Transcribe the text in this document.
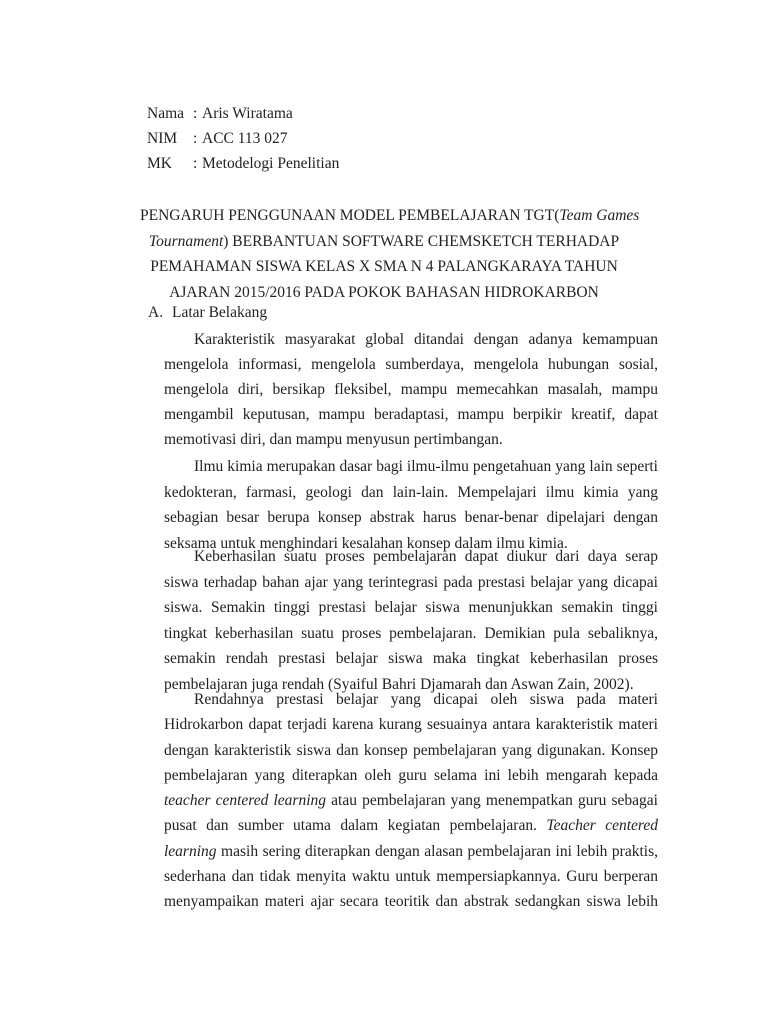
Nama : Aris Wiratama
NIM	: ACC 113 027
MK	: Metodelogi Penelitian

PENGARUH PENGGUNAAN MODEL PEMBELAJARAN TGT(Team Games

Tournament) BERBANTUAN SOFTWARE CHEMSKETCH TERHADAP

PEMAHAMAN SISWA KELAS X SMA N 4 PALANGKARAYA TAHUN

AJARAN 2015/2016 PADA POKOK BAHASAN HIDROKARBON

A. Latar Belakang
Karakteristik masyarakat global ditandai dengan adanya kemampuan
mengelola informasi, mengelola sumberdaya, mengelola hubungan sosial,
mengelola diri, bersikap fleksibel, mampu memecahkan masalah, mampu
mengambil keputusan, mampu beradaptasi, mampu berpikir kreatif, dapat
memotivasi diri, dan mampu menyusun pertimbangan.
Ilmu kimia merupakan dasar bagi ilmu-ilmu pengetahuan yang lain seperti
kedokteran, farmasi, geologi dan lain-lain. Mempelajari ilmu kimia yang
sebagian besar berupa konsep abstrak harus benar-benar dipelajari dengan
seksama untuk menghindari kesalahan konsep dalam ilmu kimia.
Keberhasilan suatu proses pembelajaran dapat diukur dari daya serap
siswa terhadap bahan ajar yang terintegrasi pada prestasi belajar yang dicapai
siswa. Semakin tinggi prestasi belajar siswa menunjukkan semakin tinggi
tingkat keberhasilan suatu proses pembelajaran. Demikian pula sebaliknya,
semakin rendah prestasi belajar siswa maka tingkat keberhasilan proses
pembelajaran juga rendah (Syaiful Bahri Djamarah dan Aswan Zain, 2002).
Rendahnya prestasi belajar yang dicapai oleh siswa pada materi
Hidrokarbon dapat terjadi karena kurang sesuainya antara karakteristik materi
dengan karakteristik siswa dan konsep pembelajaran yang digunakan. Konsep
pembelajaran yang diterapkan oleh guru selama ini lebih mengarah kepada
teacher centered learning atau pembelajaran yang menempatkan guru sebagai
pusat dan sumber utama dalam kegiatan pembelajaran. Teacher centered
learning masih sering diterapkan dengan alasan pembelajaran ini lebih praktis,
sederhana dan tidak menyita waktu untuk mempersiapkannya. Guru berperan
menyampaikan materi ajar secara teoritik dan abstrak sedangkan siswa lebih
